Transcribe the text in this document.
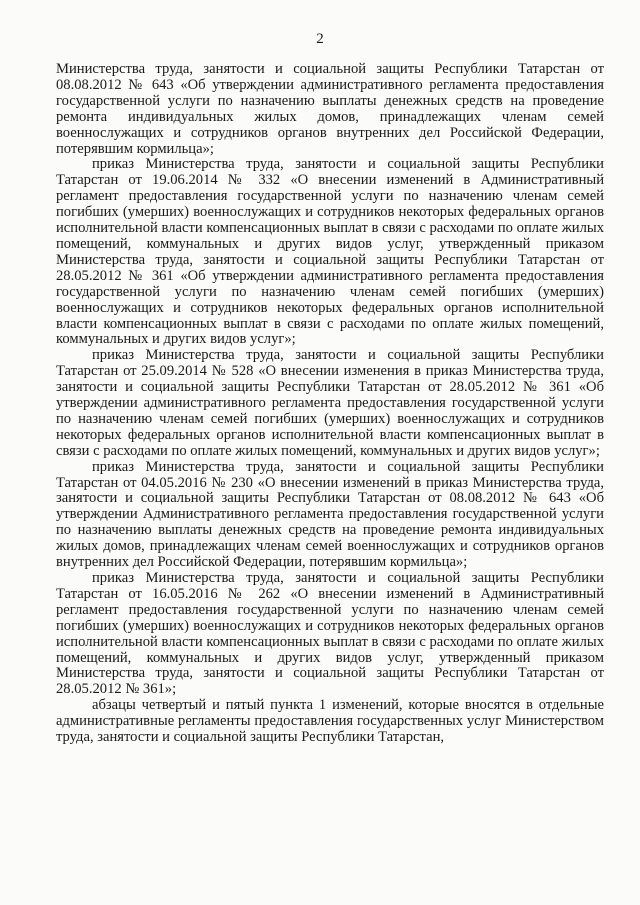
2

Министерства труда, занятости и социальной защиты Республики Татарстан от 08.08.2012 № 643 «Об утверждении административного регламента предоставления государственной услуги по назначению выплаты денежных средств на проведение ремонта индивидуальных жилых домов, принадлежащих членам семей военнослужащих и сотрудников органов внутренних дел Российской Федерации, потерявшим кормильца»;

приказ Министерства труда, занятости и социальной защиты Республики Татарстан от 19.06.2014 № 332 «О внесении изменений в Административный регламент предоставления государственной услуги по назначению членам семей погибших (умерших) военнослужащих и сотрудников некоторых федеральных органов исполнительной власти компенсационных выплат в связи с расходами по оплате жилых помещений, коммунальных и других видов услуг, утвержденный приказом Министерства труда, занятости и социальной защиты Республики Татарстан от 28.05.2012 № 361 «Об утверждении административного регламента предоставления государственной услуги по назначению членам семей погибших (умерших) военнослужащих и сотрудников некоторых федеральных органов исполнительной власти компенсационных выплат в связи с расходами по оплате жилых помещений, коммунальных и других видов услуг»;

приказ Министерства труда, занятости и социальной защиты Республики Татарстан от 25.09.2014 № 528 «О внесении изменения в приказ Министерства труда, занятости и социальной защиты Республики Татарстан от 28.05.2012 № 361 «Об утверждении административного регламента предоставления государственной услуги по назначению членам семей погибших (умерших) военнослужащих и сотрудников некоторых федеральных органов исполнительной власти компенсационных выплат в связи с расходами по оплате жилых помещений, коммунальных и других видов услуг»;

приказ Министерства труда, занятости и социальной защиты Республики Татарстан от 04.05.2016 № 230 «О внесении изменений в приказ Министерства труда, занятости и социальной защиты Республики Татарстан от 08.08.2012 № 643 «Об утверждении Административного регламента предоставления государственной услуги по назначению выплаты денежных средств на проведение ремонта индивидуальных жилых домов, принадлежащих членам семей военнослужащих и сотрудников органов внутренних дел Российской Федерации, потерявшим кормильца»;

приказ Министерства труда, занятости и социальной защиты Республики Татарстан от 16.05.2016 № 262 «О внесении изменений в Административный регламент предоставления государственной услуги по назначению членам семей погибших (умерших) военнослужащих и сотрудников некоторых федеральных органов исполнительной власти компенсационных выплат в связи с расходами по оплате жилых помещений, коммунальных и других видов услуг, утвержденный приказом Министерства труда, занятости и социальной защиты Республики Татарстан от 28.05.2012 № 361»;

абзацы четвертый и пятый пункта 1 изменений, которые вносятся в отдельные административные регламенты предоставления государственных услуг Министерством труда, занятости и социальной защиты Республики Татарстан,
